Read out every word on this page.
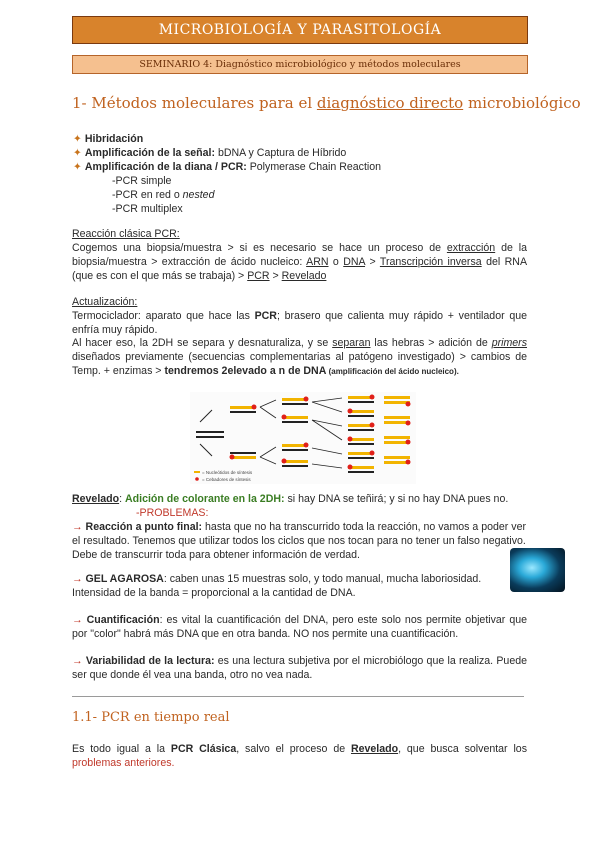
MICROBIOLOGÍA Y PARASITOLOGÍA
SEMINARIO 4: Diagnóstico microbiológico y métodos moleculares
1- Métodos moleculares para el diagnóstico directo microbiológico
✦ Hibridación
✦ Amplificación de la señal: bDNA y Captura de Híbrido
✦ Amplificación de la diana / PCR: Polymerase Chain Reaction
-PCR simple
-PCR en red o nested
-PCR multiplex
Reacción clásica PCR:
Cogemos una biopsia/muestra > si es necesario se hace un proceso de extracción de la biopsia/muestra > extracción de ácido nucleico: ARN o DNA > Transcripción inversa del RNA (que es con el que más se trabaja) > PCR > Revelado
Actualización:
Termociclador: aparato que hace las PCR; brasero que calienta muy rápido + ventilador que enfría muy rápido.
Al hacer eso, la 2DH se separa y desnaturaliza, y se separan las hebras > adición de primers diseñados previamente (secuencias complementarias al patógeno investigado) > cambios de Temp. + enzimas > tendremos 2elevado a n de DNA (amplificación del ácido nucleico).
= Nucleótidos de síntesis
= Cebadores de síntesis
Revelado: Adición de colorante en la 2DH: si hay DNA se teñirá; y si no hay DNA pues no.
-PROBLEMAS:
→ Reacción a punto final: hasta que no ha transcurrido toda la reacción, no vamos a poder ver el resultado. Tenemos que utilizar todos los ciclos que nos tocan para no tener un falso negativo. Debe de transcurrir toda para obtener información de verdad.
→ GEL AGAROSA: caben unas 15 muestras solo, y todo manual, mucha laboriosidad. Intensidad de la banda = proporcional a la cantidad de DNA.
→ Cuantificación: es vital la cuantificación del DNA, pero este solo nos permite objetivar que por "color" habrá más DNA que en otra banda. NO nos permite una cuantificación.
→ Variabilidad de la lectura: es una lectura subjetiva por el microbiólogo que la realiza. Puede ser que donde él vea una banda, otro no vea nada.
1.1- PCR en tiempo real
Es todo igual a la PCR Clásica, salvo el proceso de Revelado, que busca solventar los problemas anteriores.
